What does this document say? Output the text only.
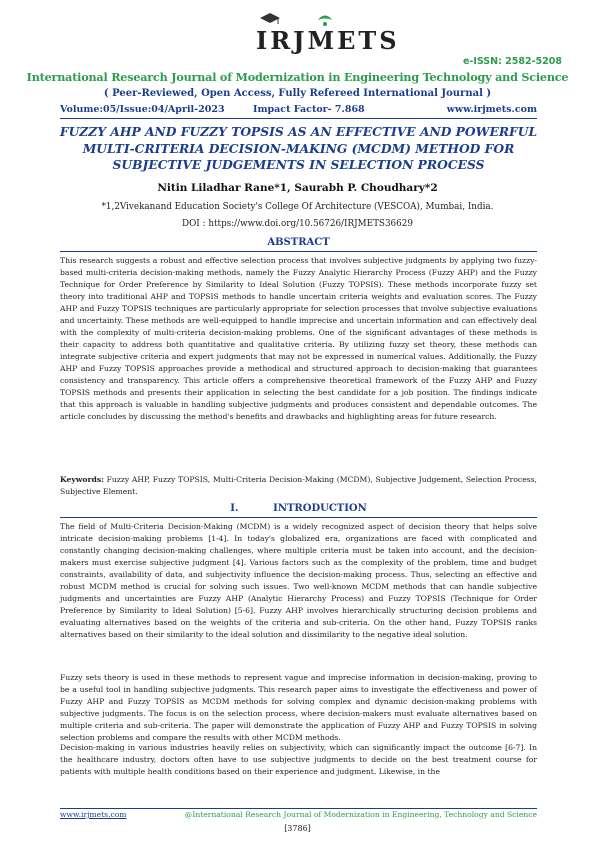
IRJMETS
e-ISSN: 2582-5208
International Research Journal of Modernization in Engineering Technology and Science
( Peer-Reviewed, Open Access, Fully Refereed International Journal )
Volume:05/Issue:04/April-2023	Impact Factor- 7.868	www.irjmets.com
FUZZY AHP AND FUZZY TOPSIS AS AN EFFECTIVE AND POWERFUL MULTI-CRITERIA DECISION-MAKING (MCDM) METHOD FOR SUBJECTIVE JUDGEMENTS IN SELECTION PROCESS
Nitin Liladhar Rane*1, Saurabh P. Choudhary*2
*1,2Vivekanand Education Society's College Of Architecture (VESCOA), Mumbai, India.
DOI : https://www.doi.org/10.56726/IRJMETS36629
ABSTRACT
This research suggests a robust and effective selection process that involves subjective judgments by applying two fuzzy-based multi-criteria decision-making methods, namely the Fuzzy Analytic Hierarchy Process (Fuzzy AHP) and the Fuzzy Technique for Order Preference by Similarity to Ideal Solution (Fuzzy TOPSIS). These methods incorporate fuzzy set theory into traditional AHP and TOPSIS methods to handle uncertain criteria weights and evaluation scores. The Fuzzy AHP and Fuzzy TOPSIS techniques are particularly appropriate for selection processes that involve subjective evaluations and uncertainty. These methods are well-equipped to handle imprecise and uncertain information and can effectively deal with the complexity of multi-criteria decision-making problems. One of the significant advantages of these methods is their capacity to address both quantitative and qualitative criteria. By utilizing fuzzy set theory, these methods can integrate subjective criteria and expert judgments that may not be expressed in numerical values. Additionally, the Fuzzy AHP and Fuzzy TOPSIS approaches provide a methodical and structured approach to decision-making that guarantees consistency and transparency. This article offers a comprehensive theoretical framework of the Fuzzy AHP and Fuzzy TOPSIS methods and presents their application in selecting the best candidate for a job position. The findings indicate that this approach is valuable in handling subjective judgments and produces consistent and dependable outcomes. The article concludes by discussing the method's benefits and drawbacks and highlighting areas for future research.
Keywords: Fuzzy AHP, Fuzzy TOPSIS, Multi-Criteria Decision-Making (MCDM), Subjective Judgement, Selection Process, Subjective Element.
I.          INTRODUCTION
The field of Multi-Criteria Decision-Making (MCDM) is a widely recognized aspect of decision theory that helps solve intricate decision-making problems [1-4]. In today's globalized era, organizations are faced with complicated and constantly changing decision-making challenges, where multiple criteria must be taken into account, and the decision-makers must exercise subjective judgment [4]. Various factors such as the complexity of the problem, time and budget constraints, availability of data, and subjectivity influence the decision-making process. Thus, selecting an effective and robust MCDM method is crucial for solving such issues. Two well-known MCDM methods that can handle subjective judgments and uncertainties are Fuzzy AHP (Analytic Hierarchy Process) and Fuzzy TOPSIS (Technique for Order Preference by Similarity to Ideal Solution) [5-6]. Fuzzy AHP involves hierarchically structuring decision problems and evaluating alternatives based on the weights of the criteria and sub-criteria. On the other hand, Fuzzy TOPSIS ranks alternatives based on their similarity to the ideal solution and dissimilarity to the negative ideal solution.
Fuzzy sets theory is used in these methods to represent vague and imprecise information in decision-making, proving to be a useful tool in handling subjective judgments. This research paper aims to investigate the effectiveness and power of Fuzzy AHP and Fuzzy TOPSIS as MCDM methods for solving complex and dynamic decision-making problems with subjective judgments. The focus is on the selection process, where decision-makers must evaluate alternatives based on multiple criteria and sub-criteria. The paper will demonstrate the application of Fuzzy AHP and Fuzzy TOPSIS in solving selection problems and compare the results with other MCDM methods.
Decision-making in various industries heavily relies on subjectivity, which can significantly impact the outcome [6-7]. In the healthcare industry, doctors often have to use subjective judgments to decide on the best treatment course for patients with multiple health conditions based on their experience and judgment. Likewise, in the
www.irjmets.com	@International Research Journal of Modernization in Engineering, Technology and Science
[3786]
